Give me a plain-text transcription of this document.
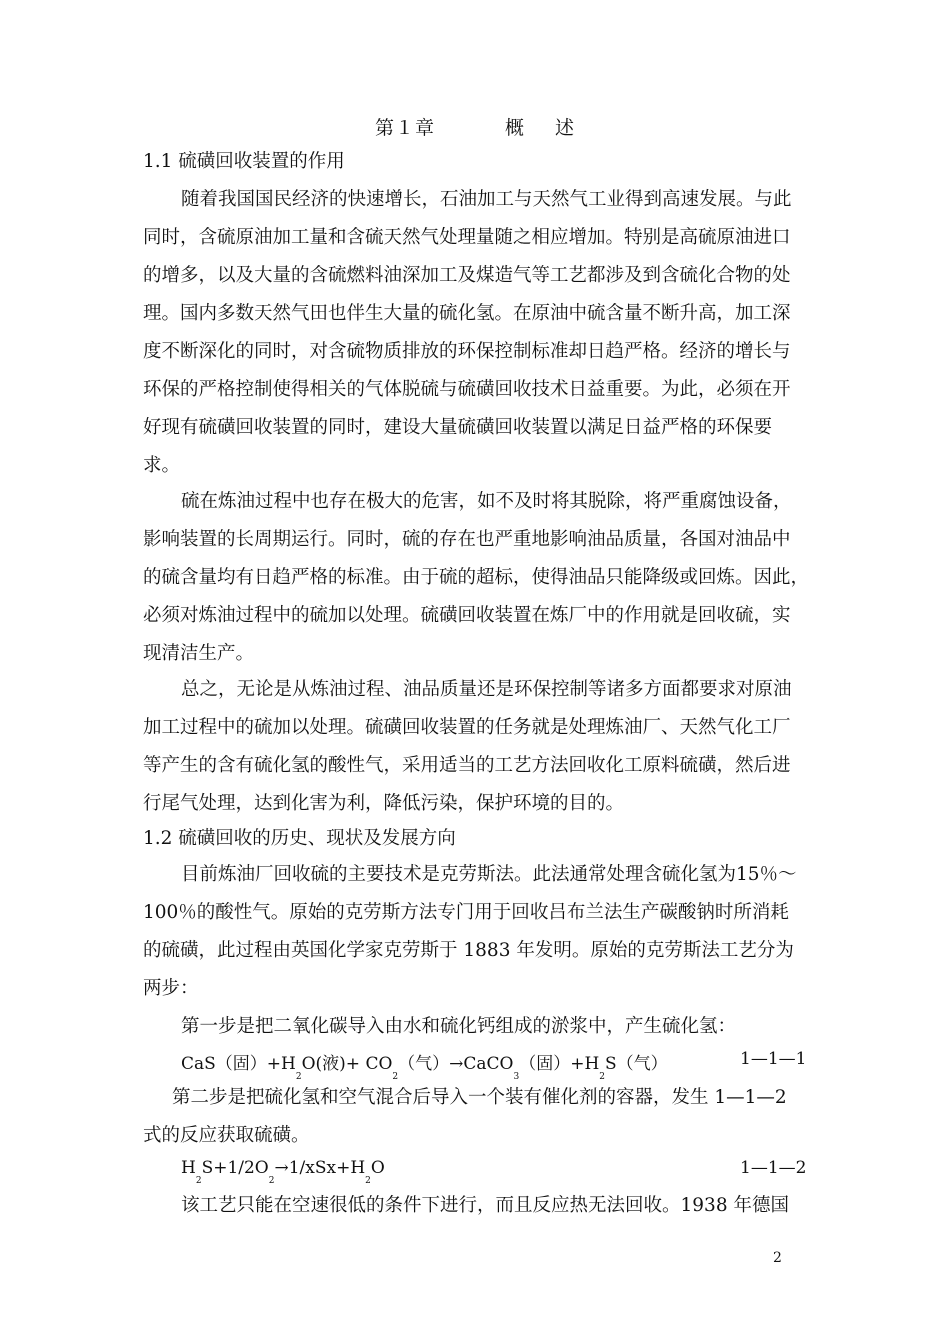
第１章	概 述
1.1 硫磺回收装置的作用
随着我国国民经济的快速增长，石油加工与天然气工业得到高速发展。与此
同时，含硫原油加工量和含硫天然气处理量随之相应增加。特别是高硫原油进口
的增多，以及大量的含硫燃料油深加工及煤造气等工艺都涉及到含硫化合物的处
理。国内多数天然气田也伴生大量的硫化氢。在原油中硫含量不断升高，加工深
度不断深化的同时，对含硫物质排放的环保控制标准却日趋严格。经济的增长与
环保的严格控制使得相关的气体脱硫与硫磺回收技术日益重要。为此，必须在开
好现有硫磺回收装置的同时，建设大量硫磺回收装置以满足日益严格的环保要
求。
硫在炼油过程中也存在极大的危害，如不及时将其脱除，将严重腐蚀设备，
影响装置的长周期运行。同时，硫的存在也严重地影响油品质量，各国对油品中
的硫含量均有日趋严格的标准。由于硫的超标，使得油品只能降级或回炼。因此，
必须对炼油过程中的硫加以处理。硫磺回收装置在炼厂中的作用就是回收硫，实
现清洁生产。
总之，无论是从炼油过程、油品质量还是环保控制等诸多方面都要求对原油
加工过程中的硫加以处理。硫磺回收装置的任务就是处理炼油厂、天然气化工厂
等产生的含有硫化氢的酸性气，采用适当的工艺方法回收化工原料硫磺，然后进
行尾气处理，达到化害为利，降低污染，保护环境的目的。
1.2 硫磺回收的历史、现状及发展方向
目前炼油厂回收硫的主要技术是克劳斯法。此法通常处理含硫化氢为15％～
100％的酸性气。原始的克劳斯方法专门用于回收吕布兰法生产碳酸钠时所消耗
的硫磺，此过程由英国化学家克劳斯于 1883 年发明。原始的克劳斯法工艺分为
两步：
第一步是把二氧化碳导入由水和硫化钙组成的淤浆中，产生硫化氢：
CaS（固）$+H_2O$(液)+ $CO_2$（气）→CaCO$_3$（固）$+H_2S$（气）	1—1—1
第二步是把硫化氢和空气混合后导入一个装有催化剂的容器，发生 1—1—2
式的反应获取硫磺。
$H_2S+1/2O_2\to 1/xSx+H_2O$	1—1—2
该工艺只能在空速很低的条件下进行，而且反应热无法回收。1938 年德国
2
